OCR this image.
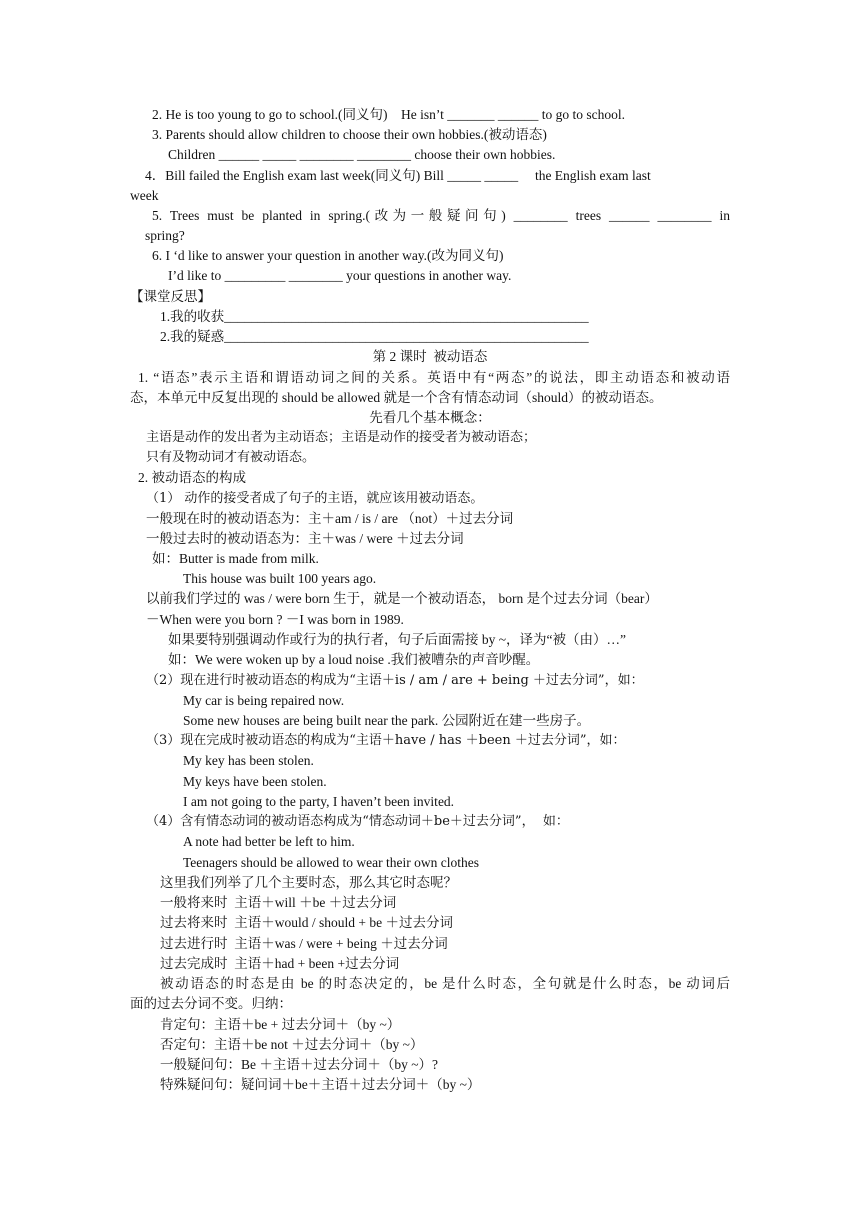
2. He is too young to go to school.(同义句)    He isn’t _______ ______ to go to school.
3. Parents should allow children to choose their own hobbies.(被动语态)
Children ______ _____ ________ ________ choose their own hobbies.
4．Bill failed the English exam last week(同义句) Bill _____ _____     the English exam last
week
5. Trees must be planted in spring.(改为一般疑问句) ________ trees ______ ________ in
spring?
6. I ‘d like to answer your question in another way.(改为同义句)
I’d like to _________ ________ your questions in another way.
【课堂反思】
1.我的收获______________________________________________________
2.我的疑惑______________________________________________________
第 2 课时  被动语态
1. “语态”表示主语和谓语动词之间的关系。英语中有“两态”的说法，即主动语态和被动语
态，本单元中反复出现的 should be allowed 就是一个含有情态动词（should）的被动语态。
先看几个基本概念：
主语是动作的发出者为主动语态；主语是动作的接受者为被动语态；
只有及物动词才有被动语态。
2. 被动语态的构成
（1） 动作的接受者成了句子的主语，就应该用被动语态。
一般现在时的被动语态为：主＋am / is / are （not）＋过去分词
一般过去时的被动语态为：主＋was / were ＋过去分词
如：Butter is made from milk.
This house was built 100 years ago.
以前我们学过的 was / were born 生于，就是一个被动语态， born 是个过去分词（bear）
－When were you born ? －I was born in 1989.
如果要特别强调动作或行为的执行者，句子后面需接 by ~，译为“被（由）…”
如：We were woken up by a loud noise .我们被嘈杂的声音吵醒。
（2）现在进行时被动语态的构成为“主语＋is / am / are + being ＋过去分词”，如：
My car is being repaired now.
Some new houses are being built near the park. 公园附近在建一些房子。
（3）现在完成时被动语态的构成为“主语＋have / has ＋been ＋过去分词”，如：
My key has been stolen.
My keys have been stolen.
I am not going to the party, I haven’t been invited.
（4）含有情态动词的被动语态构成为“情态动词＋be＋过去分词”，  如：
A note had better be left to him.
Teenagers should be allowed to wear their own clothes
这里我们列举了几个主要时态，那么其它时态呢？
一般将来时  主语＋will ＋be ＋过去分词
过去将来时  主语＋would / should + be ＋过去分词
过去进行时  主语＋was / were + being ＋过去分词
过去完成时  主语＋had + been +过去分词
被动语态的时态是由 be 的时态决定的，be 是什么时态，全句就是什么时态，be 动词后
面的过去分词不变。归纳：
肯定句：主语＋be + 过去分词＋（by ~）
否定句：主语＋be not ＋过去分词＋（by ~）
一般疑问句：Be ＋主语＋过去分词＋（by ~）?
特殊疑问句：疑问词＋be＋主语＋过去分词＋（by ~）
